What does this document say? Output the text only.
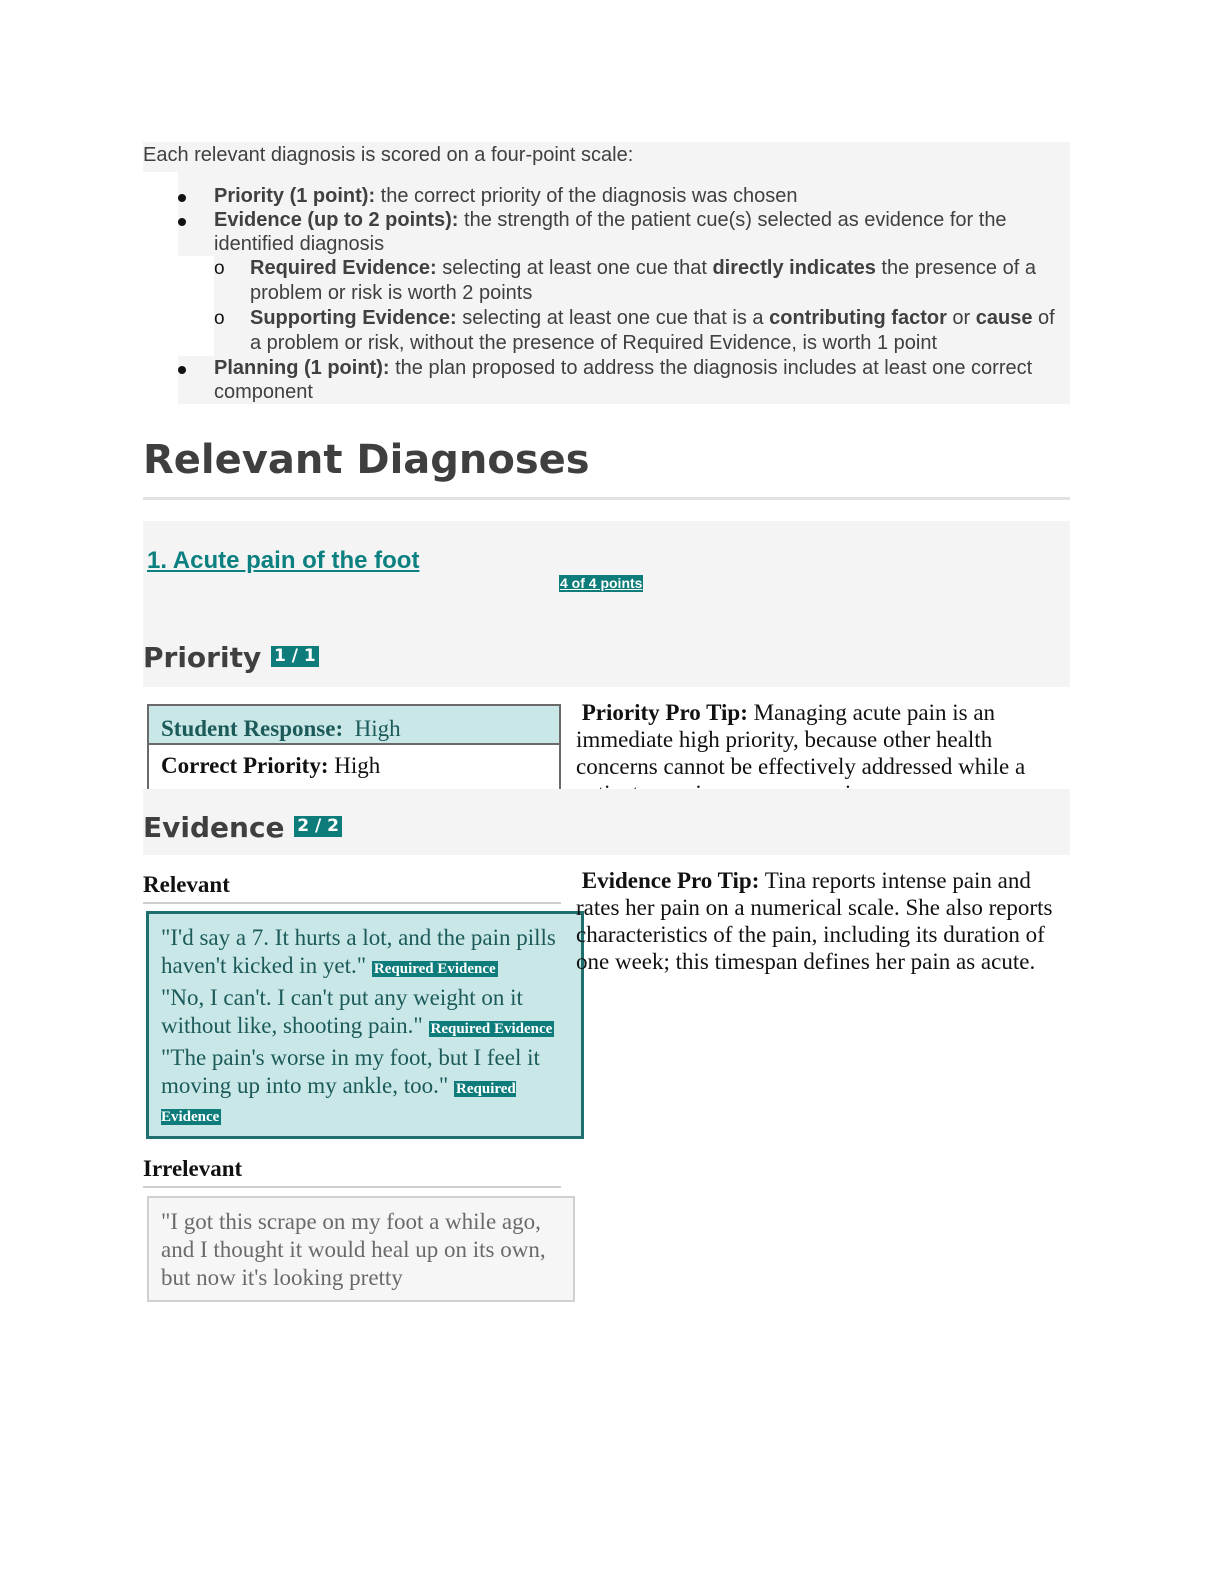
Each relevant diagnosis is scored on a four-point scale:
Priority (1 point): the correct priority of the diagnosis was chosen
Evidence (up to 2 points): the strength of the patient cue(s) selected as evidence for the identified diagnosis
o	Required Evidence: selecting at least one cue that directly indicates the presence of a problem or risk is worth 2 points
o	Supporting Evidence: selecting at least one cue that is a contributing factor or cause of a problem or risk, without the presence of Required Evidence, is worth 1 point
Planning (1 point): the plan proposed to address the diagnosis includes at least one correct component
Relevant Diagnoses
1. Acute pain of the foot
4 of 4 points
Priority 1 / 1
Student Response: High
Correct Priority: High
Priority Pro Tip: Managing acute pain is an immediate high priority, because other health concerns cannot be effectively addressed while a
Evidence 2 / 2
Relevant
"I'd say a 7. It hurts a lot, and the pain pills haven't kicked in yet." Required Evidence
"No, I can't. I can't put any weight on it without like, shooting pain." Required Evidence
"The pain's worse in my foot, but I feel it moving up into my ankle, too." Required Evidence
Irrelevant
"I got this scrape on my foot a while ago, and I thought it would heal up on its own, but now it's looking pretty
Evidence Pro Tip: Tina reports intense pain and rates her pain on a numerical scale. She also reports characteristics of the pain, including its duration of one week; this timespan defines her pain as acute.
